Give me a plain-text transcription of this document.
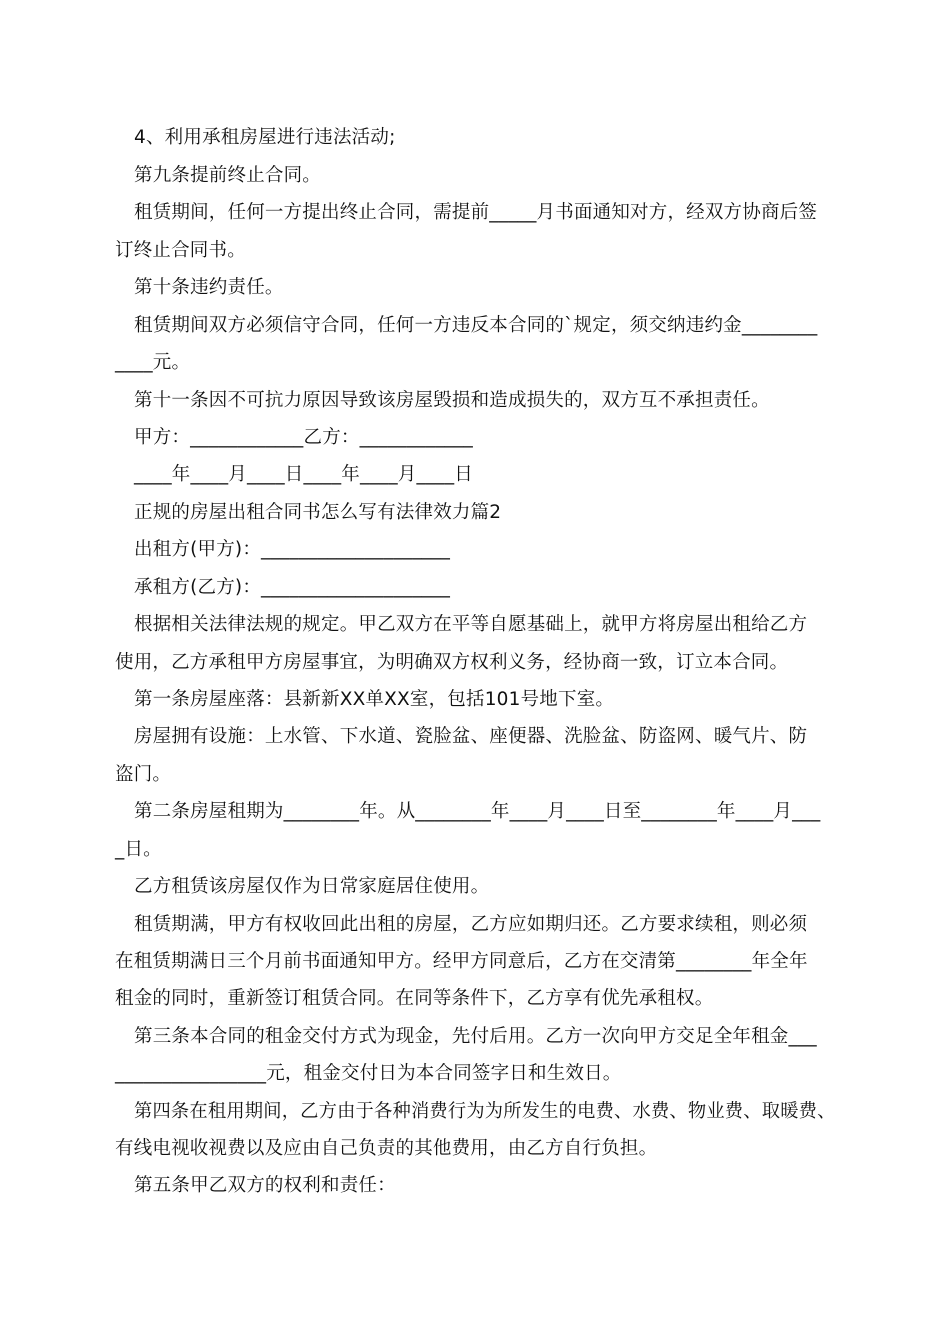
4、利用承租房屋进行违法活动;
第九条提前终止合同。
租赁期间，任何一方提出终止合同，需提前_____月书面通知对方，经双方协商后签
订终止合同书。
第十条违约责任。
租赁期间双方必须信守合同，任何一方违反本合同的`规定，须交纳违约金________
____元。
第十一条因不可抗力原因导致该房屋毁损和造成损失的，双方互不承担责任。
甲方：____________乙方：____________
____年____月____日____年____月____日
正规的房屋出租合同书怎么写有法律效力篇2
出租方(甲方)：____________________
承租方(乙方)：____________________
根据相关法律法规的规定。甲乙双方在平等自愿基础上，就甲方将房屋出租给乙方
使用，乙方承租甲方房屋事宜，为明确双方权利义务，经协商一致，订立本合同。
第一条房屋座落：县新新XX单XX室，包括101号地下室。
房屋拥有设施：上水管、下水道、瓷脸盆、座便器、洗脸盆、防盗网、暖气片、防
盗门。
第二条房屋租期为________年。从________年____月____日至________年____月___
_日。
乙方租赁该房屋仅作为日常家庭居住使用。
租赁期满，甲方有权收回此出租的房屋，乙方应如期归还。乙方要求续租，则必须
在租赁期满日三个月前书面通知甲方。经甲方同意后，乙方在交清第________年全年
租金的同时，重新签订租赁合同。在同等条件下，乙方享有优先承租权。
第三条本合同的租金交付方式为现金，先付后用。乙方一次向甲方交足全年租金___
________________元，租金交付日为本合同签字日和生效日。
第四条在租用期间，乙方由于各种消费行为为所发生的电费、水费、物业费、取暖费、
有线电视收视费以及应由自己负责的其他费用，由乙方自行负担。
第五条甲乙双方的权利和责任：
